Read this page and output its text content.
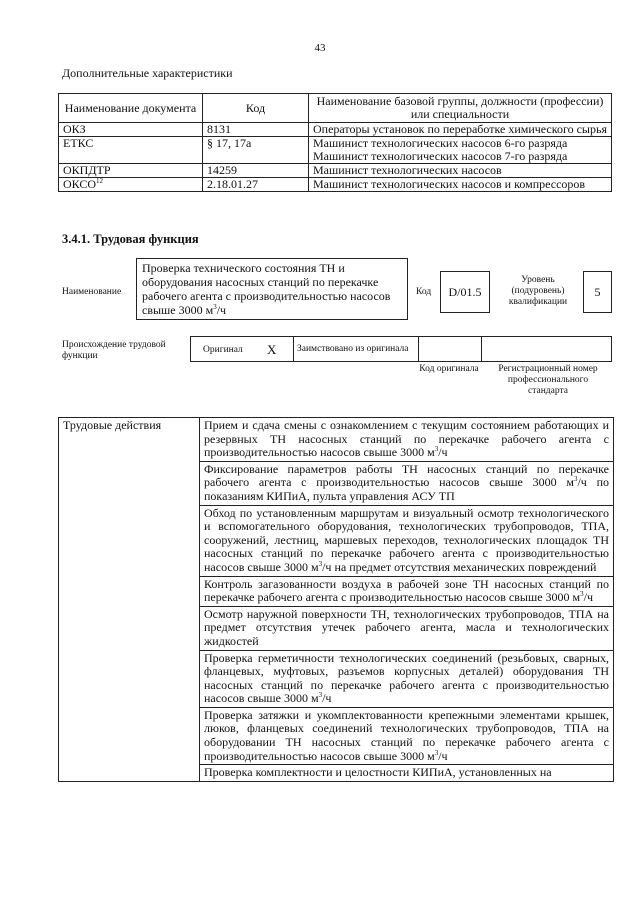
43
Дополнительные характеристики
Наименование документа	Код	Наименование базовой группы, должности (профессии) или специальности
ОКЗ	8131	Операторы установок по переработке химического сырья
ЕТКС	§ 17, 17а	Машинист технологических насосов 6-го разряда
Машинист технологических насосов 7-го разряда

ОКПДТР	14259	Машинист технологических насосов
ОКСО$^{12}$	2.18.01.27	Машинист технологических насосов и компрессоров
3.4.1. Трудовая функция
Наименование
Проверка технического состояния ТН и оборудования насосных станций по перекачке рабочего агента с производительностью насосов свыше 3000 $м^3/ч$
Код	D/01.5
Уровень (подуровень) квалификации
5
Происхождение трудовой функции
Оригинал X	Заимствовано из оригинала
Код оригинала	Регистрационный номер профессионального стандарта
Трудовые действия	Прием и сдача смены с ознакомлением с текущим состоянием работающих и резервных ТН насосных станций по перекачке рабочего агента с производительностью насосов свыше 3000 $м^3/ч$
Фиксирование параметров работы ТН насосных станций по перекачке рабочего агента с производительностью насосов свыше 3000 $м^3/ч$ по показаниям КИПиА, пульта управления АСУ ТП
Обход по установленным маршрутам и визуальный осмотр технологического и вспомогательного оборудования, технологических трубопроводов, ТПА, сооружений, лестниц, маршевых переходов, технологических площадок ТН насосных станций по перекачке рабочего агента с производительностью насосов свыше 3000 $м^3/ч$ на предмет отсутствия механических повреждений
Контроль загазованности воздуха в рабочей зоне ТН насосных станций по перекачке рабочего агента с производительностью насосов свыше 3000 $м^3/ч$
Осмотр наружной поверхности ТН, технологических трубопроводов, ТПА на предмет отсутствия утечек рабочего агента, масла и технологических жидкостей
Проверка герметичности технологических соединений (резьбовых, сварных, фланцевых, муфтовых, разъемов корпусных деталей) оборудования ТН насосных станций по перекачке рабочего агента с производительностью насосов свыше 3000 $м^3/ч$
Проверка затяжки и укомплектованности крепежными элементами крышек, люков, фланцевых соединений технологических трубопроводов, ТПА на оборудовании ТН насосных станций по перекачке рабочего агента с производительностью насосов свыше 3000 $м^3/ч$
Проверка комплектности и целостности КИПиА, установленных на
